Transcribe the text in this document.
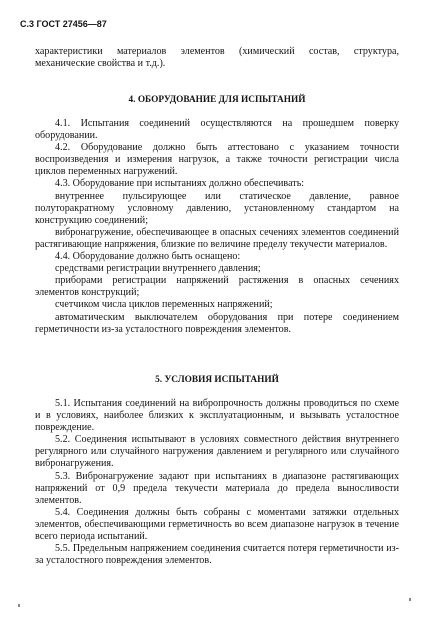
С.3 ГОСТ 27456—87

характеристики материалов элементов (химический состав, структура, механические свойства и т.д.).

4. ОБОРУДОВАНИЕ ДЛЯ ИСПЫТАНИЙ

4.1. Испытания соединений осуществляются на прошедшем поверку оборудовании.

4.2. Оборудование должно быть аттестовано с указанием точности воспроизведения и измерения нагрузок, а также точности регистрации числа циклов переменных нагружений.

4.3. Оборудование при испытаниях должно обеспечивать:

внутреннее пульсирующее или статическое давление, равное полуторакратному условному давлению, установленному стандартом на конструкцию соединений;

вибронагружение, обеспечивающее в опасных сечениях элементов соединений растягивающие напряжения, близкие по величине пределу текучести материалов.

4.4. Оборудование должно быть оснащено:

средствами регистрации внутреннего давления;

приборами регистрации напряжений растяжения в опасных сечениях элементов конструкций;

счетчиком числа циклов переменных напряжений;

автоматическим выключателем оборудования при потере соединением герметичности из-за усталостного повреждения элементов.

5. УСЛОВИЯ ИСПЫТАНИЙ

5.1. Испытания соединений на вибропрочность должны проводиться по схеме и в условиях, наиболее близких к эксплуатационным, и вызывать усталостное повреждение.

5.2. Соединения испытывают в условиях совместного действия внутреннего регулярного или случайного нагружения давлением и регулярного или случайного вибронагружения.

5.3. Вибронагружение задают при испытаниях в диапазоне растягивающих напряжений от 0,9 предела текучести материала до предела выносливости элементов.

5.4. Соединения должны быть собраны с моментами затяжки отдельных элементов, обеспечивающими герметичность во всем диапазоне нагрузок в течение всего периода испытаний.

5.5. Предельным напряжением соединения считается потеря герметичности из-за усталостного повреждения элементов.
